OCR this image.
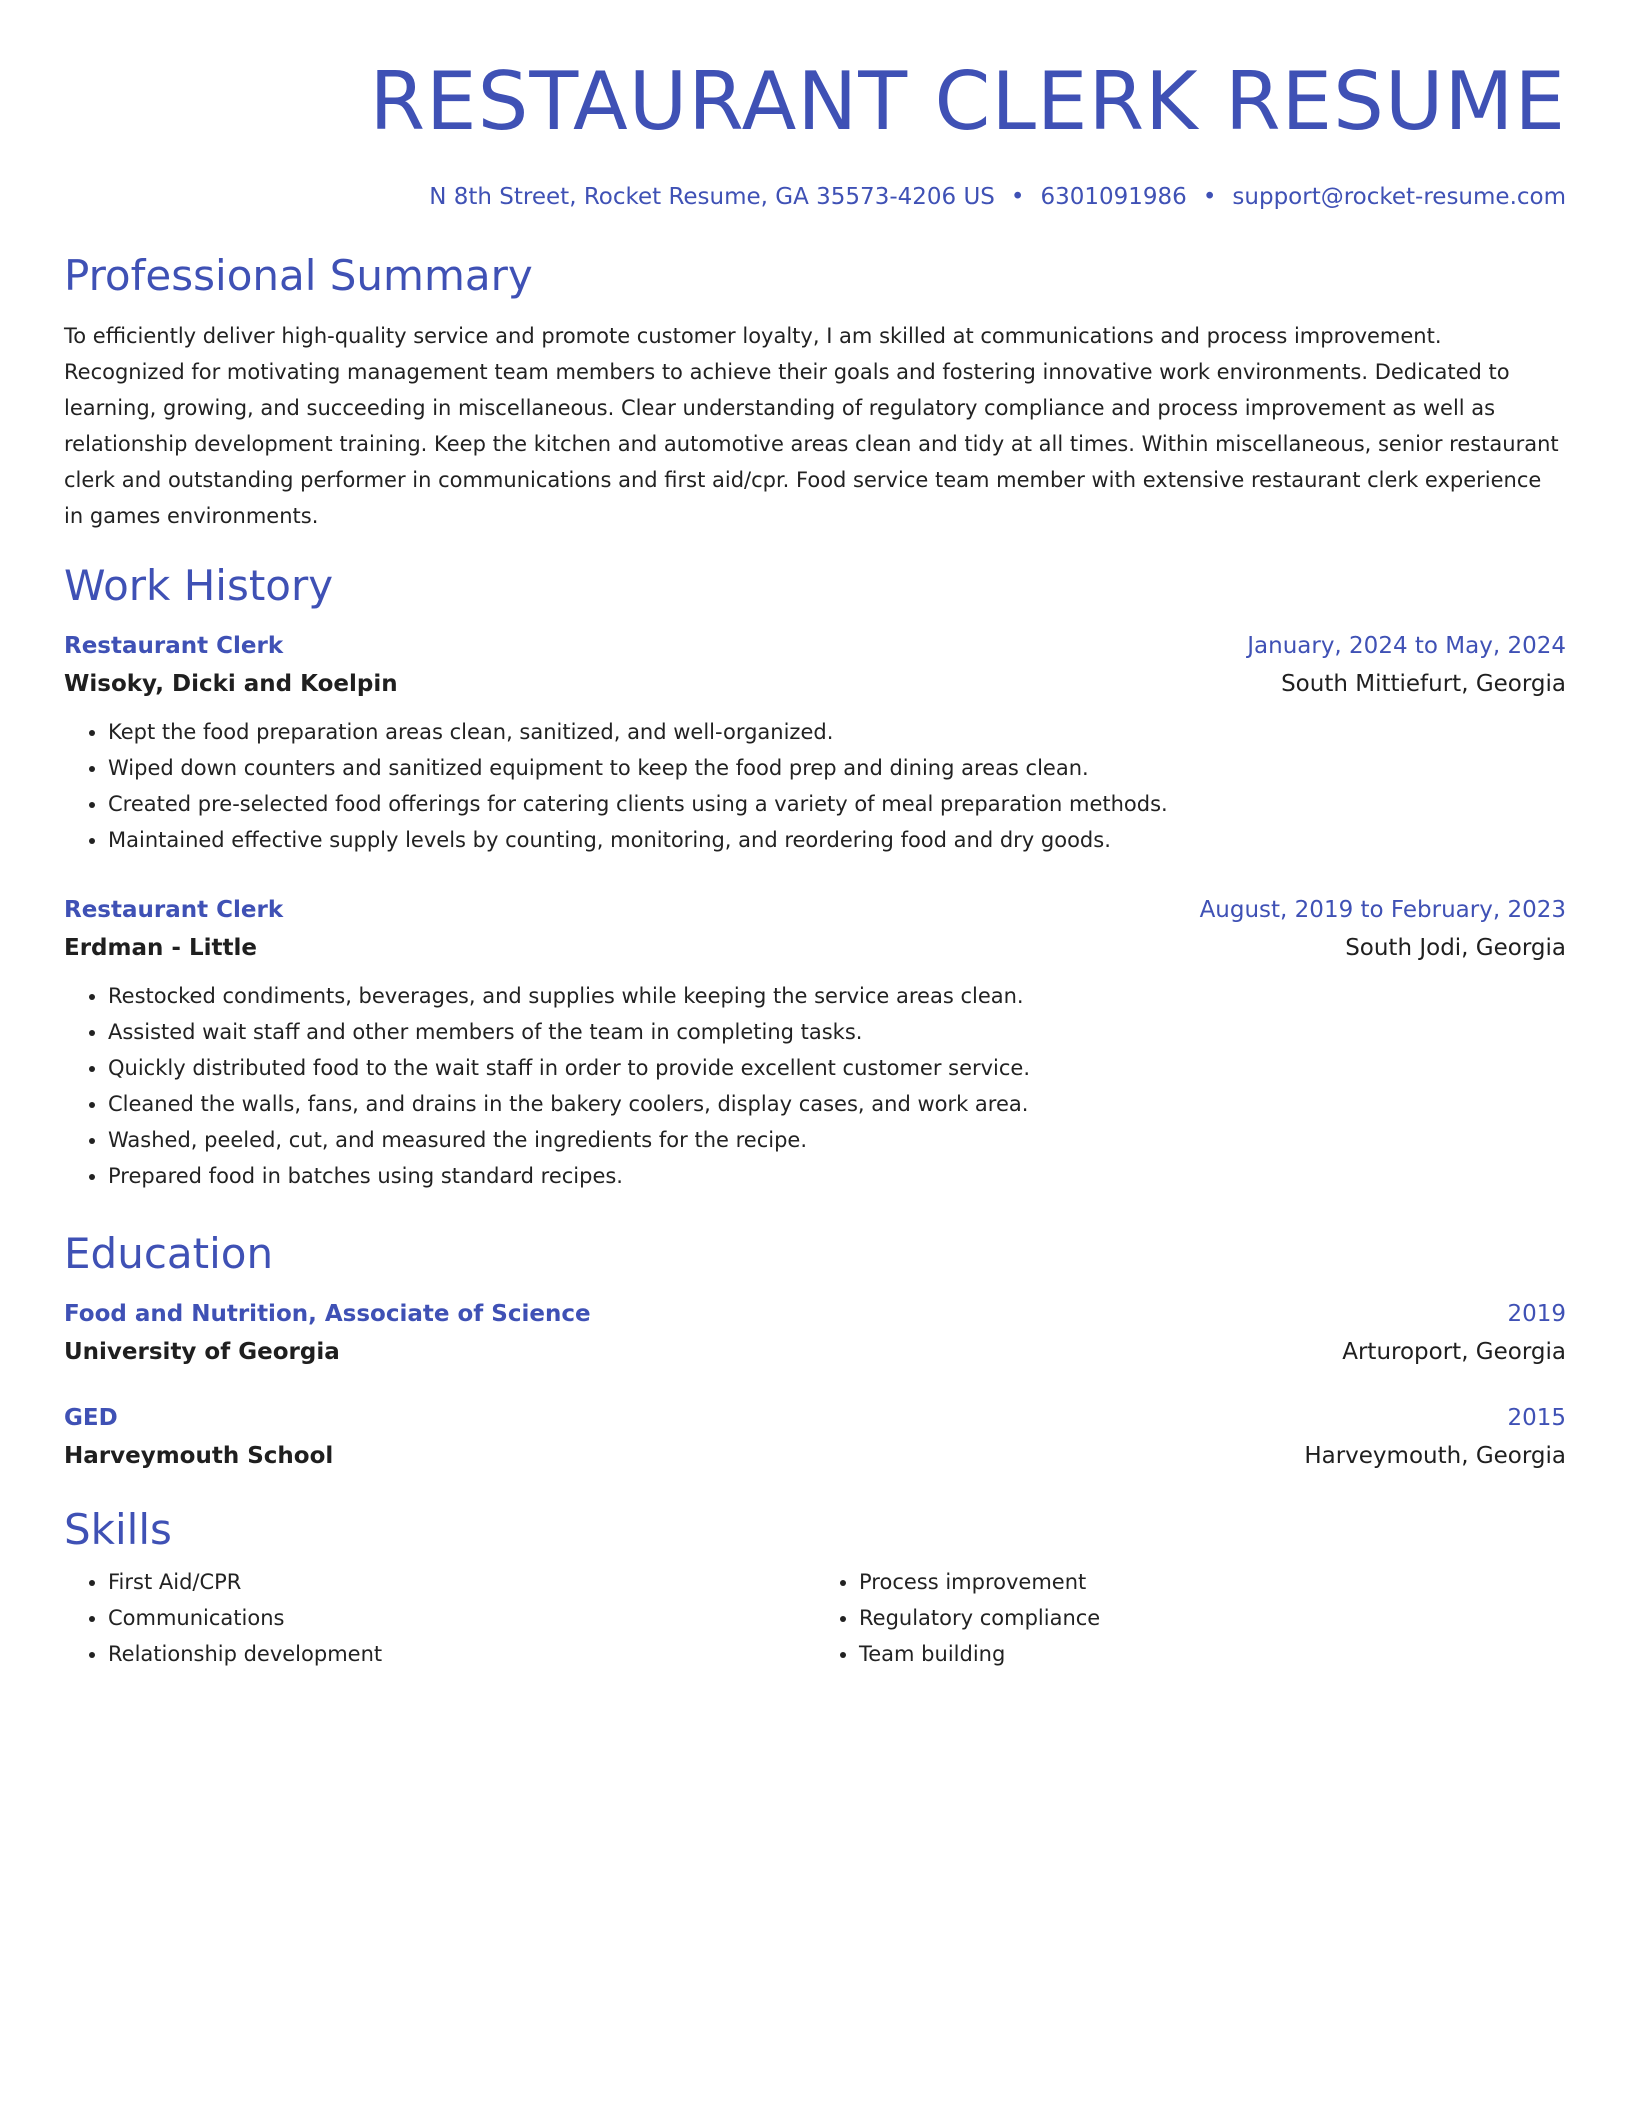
RESTAURANT CLERK RESUME
N 8th Street, Rocket Resume, GA 35573-4206 US • 6301091986 • support@rocket-resume.com
Professional Summary
To efficiently deliver high-quality service and promote customer loyalty, I am skilled at communications and process improvement. Recognized for motivating management team members to achieve their goals and fostering innovative work environments. Dedicated to learning, growing, and succeeding in miscellaneous. Clear understanding of regulatory compliance and process improvement as well as relationship development training. Keep the kitchen and automotive areas clean and tidy at all times. Within miscellaneous, senior restaurant clerk and outstanding performer in communications and first aid/cpr. Food service team member with extensive restaurant clerk experience in games environments.
Work History
Restaurant Clerk	January, 2024 to May, 2024
Wisoky, Dicki and Koelpin	South Mittiefurt, Georgia
• Kept the food preparation areas clean, sanitized, and well-organized.
• Wiped down counters and sanitized equipment to keep the food prep and dining areas clean.
• Created pre-selected food offerings for catering clients using a variety of meal preparation methods.
• Maintained effective supply levels by counting, monitoring, and reordering food and dry goods.
Restaurant Clerk	August, 2019 to February, 2023
Erdman - Little	South Jodi, Georgia
• Restocked condiments, beverages, and supplies while keeping the service areas clean.
• Assisted wait staff and other members of the team in completing tasks.
• Quickly distributed food to the wait staff in order to provide excellent customer service.
• Cleaned the walls, fans, and drains in the bakery coolers, display cases, and work area.
• Washed, peeled, cut, and measured the ingredients for the recipe.
• Prepared food in batches using standard recipes.
Education
Food and Nutrition, Associate of Science	2019
University of Georgia	Arturoport, Georgia
GED	2015
Harveymouth School	Harveymouth, Georgia
Skills
• First Aid/CPR
• Communications
• Relationship development
• Process improvement
• Regulatory compliance
• Team building
